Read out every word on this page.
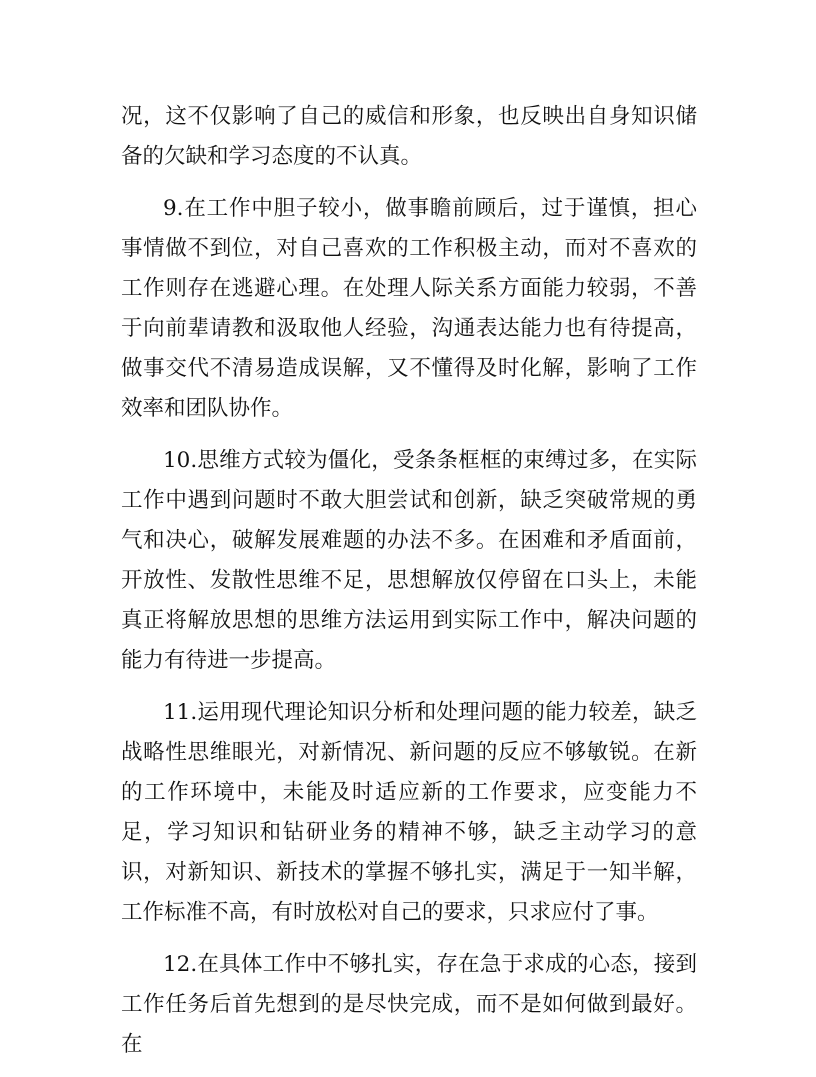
况，这不仅影响了自己的威信和形象，也反映出自身知识储备的欠缺和学习态度的不认真。

9.在工作中胆子较小，做事瞻前顾后，过于谨慎，担心事情做不到位，对自己喜欢的工作积极主动，而对不喜欢的工作则存在逃避心理。在处理人际关系方面能力较弱，不善于向前辈请教和汲取他人经验，沟通表达能力也有待提高，做事交代不清易造成误解，又不懂得及时化解，影响了工作效率和团队协作。

10.思维方式较为僵化，受条条框框的束缚过多，在实际工作中遇到问题时不敢大胆尝试和创新，缺乏突破常规的勇气和决心，破解发展难题的办法不多。在困难和矛盾面前，开放性、发散性思维不足，思想解放仅停留在口头上，未能真正将解放思想的思维方法运用到实际工作中，解决问题的能力有待进一步提高。

11.运用现代理论知识分析和处理问题的能力较差，缺乏战略性思维眼光，对新情况、新问题的反应不够敏锐。在新的工作环境中，未能及时适应新的工作要求，应变能力不足，学习知识和钻研业务的精神不够，缺乏主动学习的意识，对新知识、新技术的掌握不够扎实，满足于一知半解，工作标准不高，有时放松对自己的要求，只求应付了事。

12.在具体工作中不够扎实，存在急于求成的心态，接到工作任务后首先想到的是尽快完成，而不是如何做到最好。在
